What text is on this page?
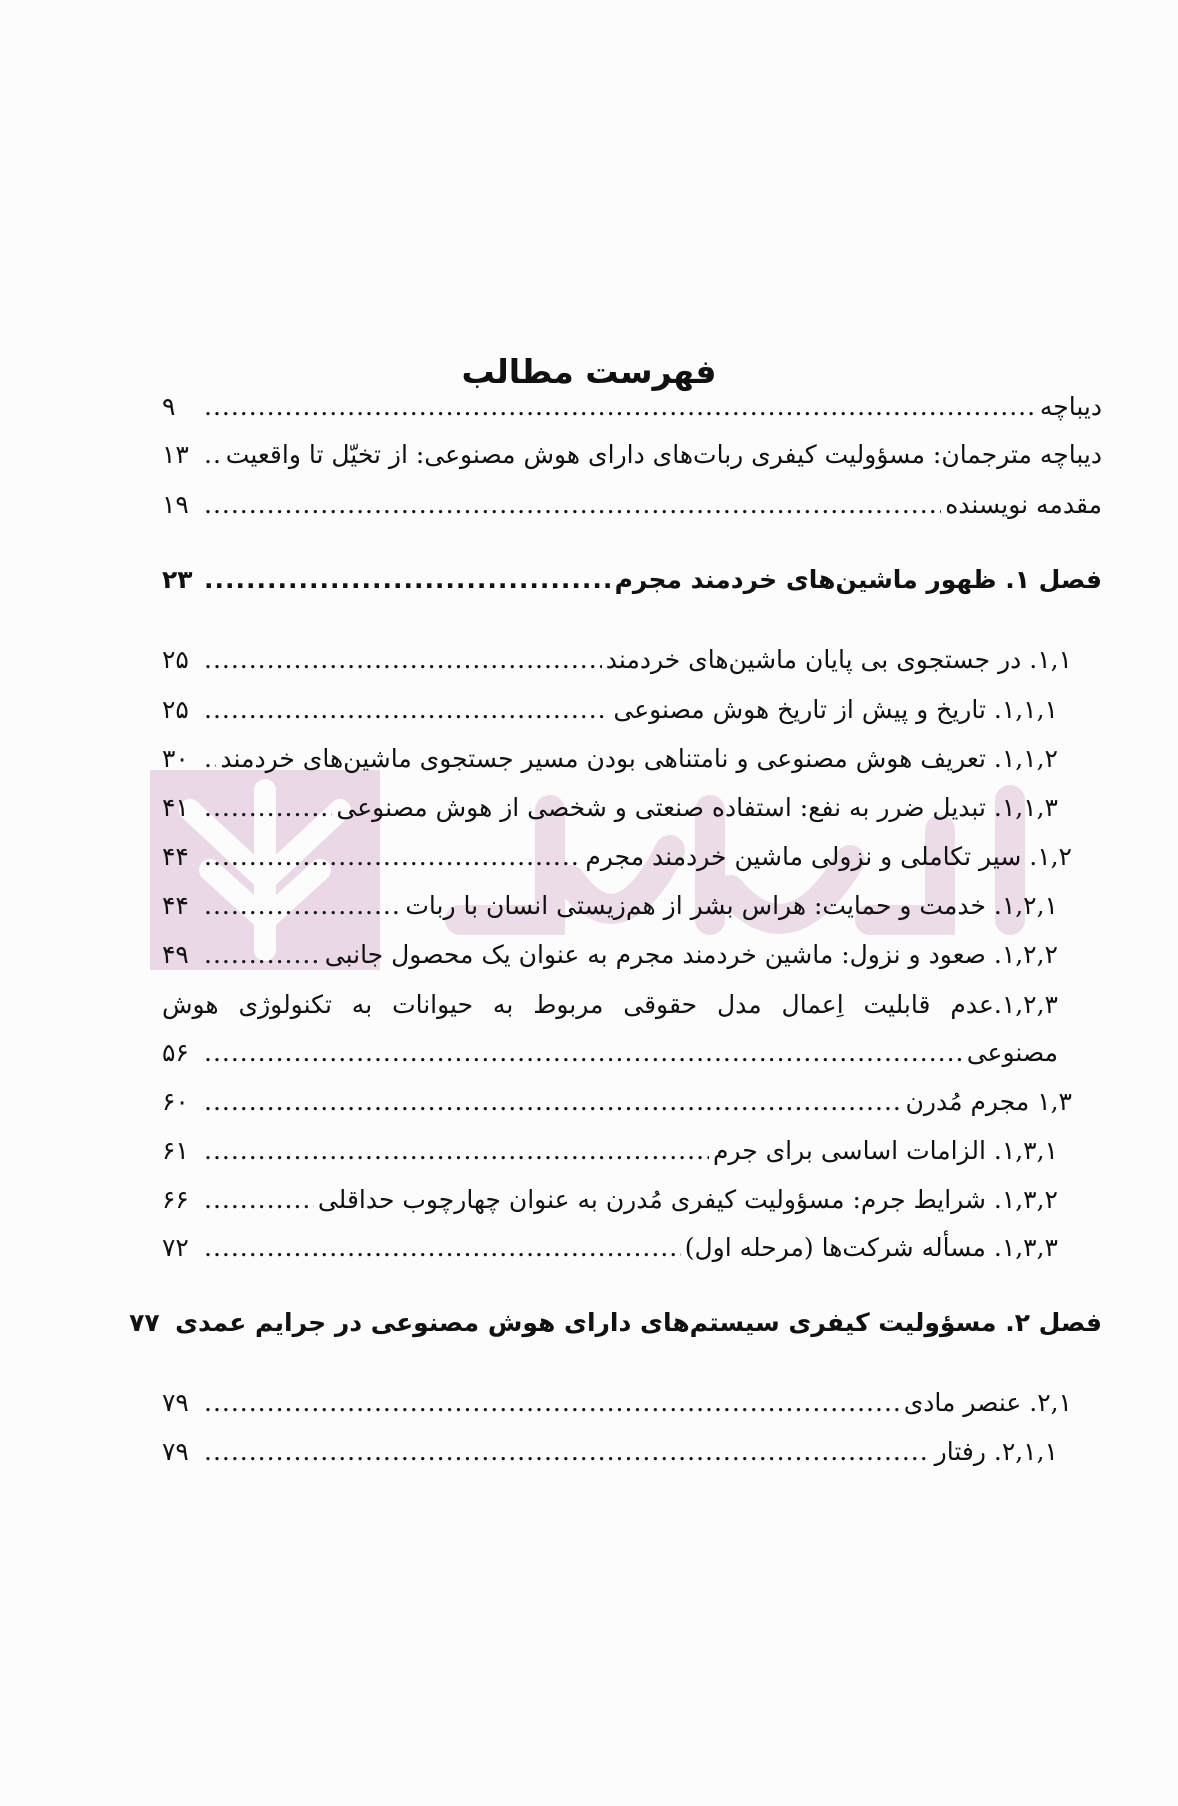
فهرست مطالب
دیباچه
.....
۹
دیباچه مترجمان: مسؤولیت کیفری ربات‌های دارای هوش مصنوعی: از تخیّل تا واقعیت
.....
۱۳
مقدمه نویسنده
.....
۱۹
فصل ۱. ظهور ماشین‌های خردمند مجرم
.....
۲۳
۱,۱. در جستجوی بی پایان ماشین‌های خردمند
.....
۲۵
۱,۱,۱. تاریخ و پیش از تاریخ هوش مصنوعی
.....
۲۵
۱,۱,۲. تعریف هوش مصنوعی و نامتناهی بودن مسیر جستجوی ماشین‌های خردمند
.....
۳۰
۱,۱,۳. تبدیل ضرر به نفع: استفاده صنعتی و شخصی از هوش مصنوعی
.....
۴۱
۱,۲. سیر تکاملی و نزولی ماشین خردمند مجرم
.....
۴۴
۱,۲,۱. خدمت و حمایت: هراس بشر از هم‌زیستی انسان با ربات
.....
۴۴
۱,۲,۲. صعود و نزول: ماشین خردمند مجرم به عنوان یک محصول جانبی
.....
۴۹
۱,۲,۳.عدم قابلیت اِعمال مدل حقوقی مربوط به حیوانات به تکنولوژی هوش
مصنوعی
.....
۵۶
۱,۳ مجرم مُدرن
.....
۶۰
۱,۳,۱. الزامات اساسی برای جرم
.....
۶۱
۱,۳,۲. شرایط جرم: مسؤولیت کیفری مُدرن به عنوان چهارچوب حداقلی
.....
۶۶
۱,۳,۳. مسأله شرکت‌ها (مرحله اول)
.....
۷۲
فصل ۲. مسؤولیت کیفری سیستم‌های دارای هوش مصنوعی در جرایم عمدی
۷۷
۲,۱. عنصر مادی
.....
۷۹
۲,۱,۱. رفتار
.....
۷۹
